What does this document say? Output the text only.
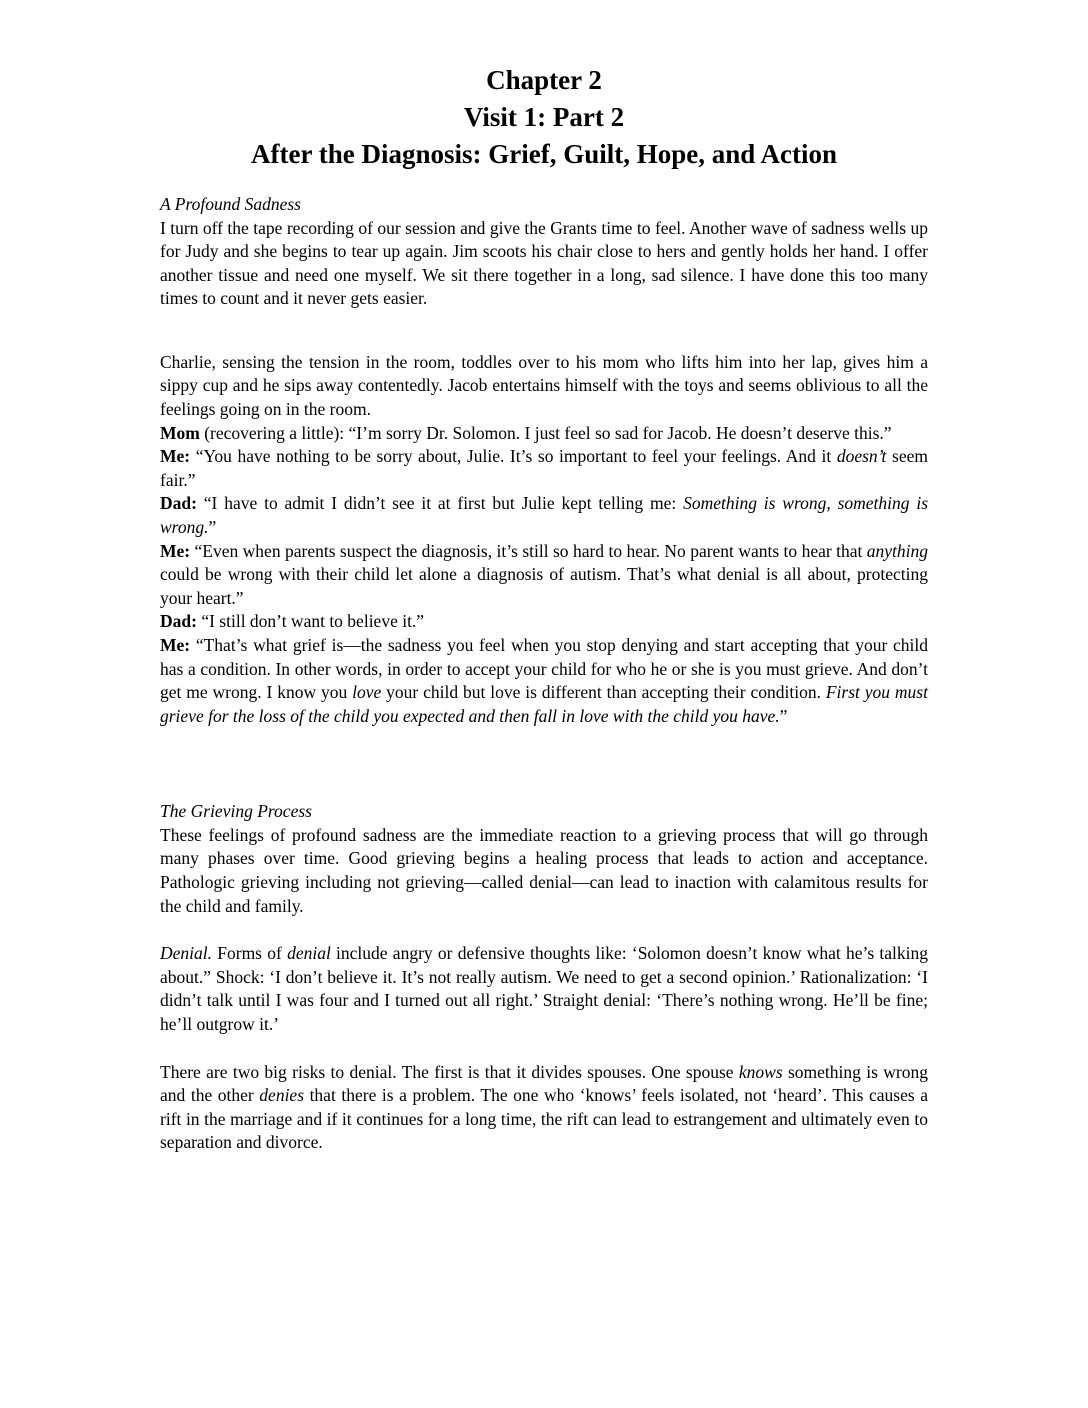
Chapter 2
Visit 1: Part 2
After the Diagnosis: Grief, Guilt, Hope, and Action

A Profound Sadness

I turn off the tape recording of our session and give the Grants time to feel. Another wave of sadness wells up for Judy and she begins to tear up again. Jim scoots his chair close to hers and gently holds her hand. I offer another tissue and need one myself. We sit there together in a long, sad silence. I have done this too many times to count and it never gets easier.

Charlie, sensing the tension in the room, toddles over to his mom who lifts him into her lap, gives him a sippy cup and he sips away contentedly. Jacob entertains himself with the toys and seems oblivious to all the feelings going on in the room.

Mom (recovering a little): “I’m sorry Dr. Solomon. I just feel so sad for Jacob. He doesn’t deserve this.”

Me: “You have nothing to be sorry about, Julie. It’s so important to feel your feelings. And it doesn’t seem fair.”

Dad: “I have to admit I didn’t see it at first but Julie kept telling me: Something is wrong, something is wrong.”

Me: “Even when parents suspect the diagnosis, it’s still so hard to hear. No parent wants to hear that anything could be wrong with their child let alone a diagnosis of autism. That’s what denial is all about, protecting your heart.”

Dad: “I still don’t want to believe it.”

Me: “That’s what grief is—the sadness you feel when you stop denying and start accepting that your child has a condition. In other words, in order to accept your child for who he or she is you must grieve. And don’t get me wrong. I know you love your child but love is different than accepting their condition. First you must grieve for the loss of the child you expected and then fall in love with the child you have.”

The Grieving Process

These feelings of profound sadness are the immediate reaction to a grieving process that will go through many phases over time. Good grieving begins a healing process that leads to action and acceptance. Pathologic grieving including not grieving—called denial—can lead to inaction with calamitous results for the child and family.

Denial. Forms of denial include angry or defensive thoughts like: ‘Solomon doesn’t know what he’s talking about.” Shock: ‘I don’t believe it. It’s not really autism. We need to get a second opinion.’ Rationalization: ‘I didn’t talk until I was four and I turned out all right.’ Straight denial: ‘There’s nothing wrong. He’ll be fine; he’ll outgrow it.’

There are two big risks to denial. The first is that it divides spouses. One spouse knows something is wrong and the other denies that there is a problem. The one who ‘knows’ feels isolated, not ‘heard’. This causes a rift in the marriage and if it continues for a long time, the rift can lead to estrangement and ultimately even to separation and divorce.
